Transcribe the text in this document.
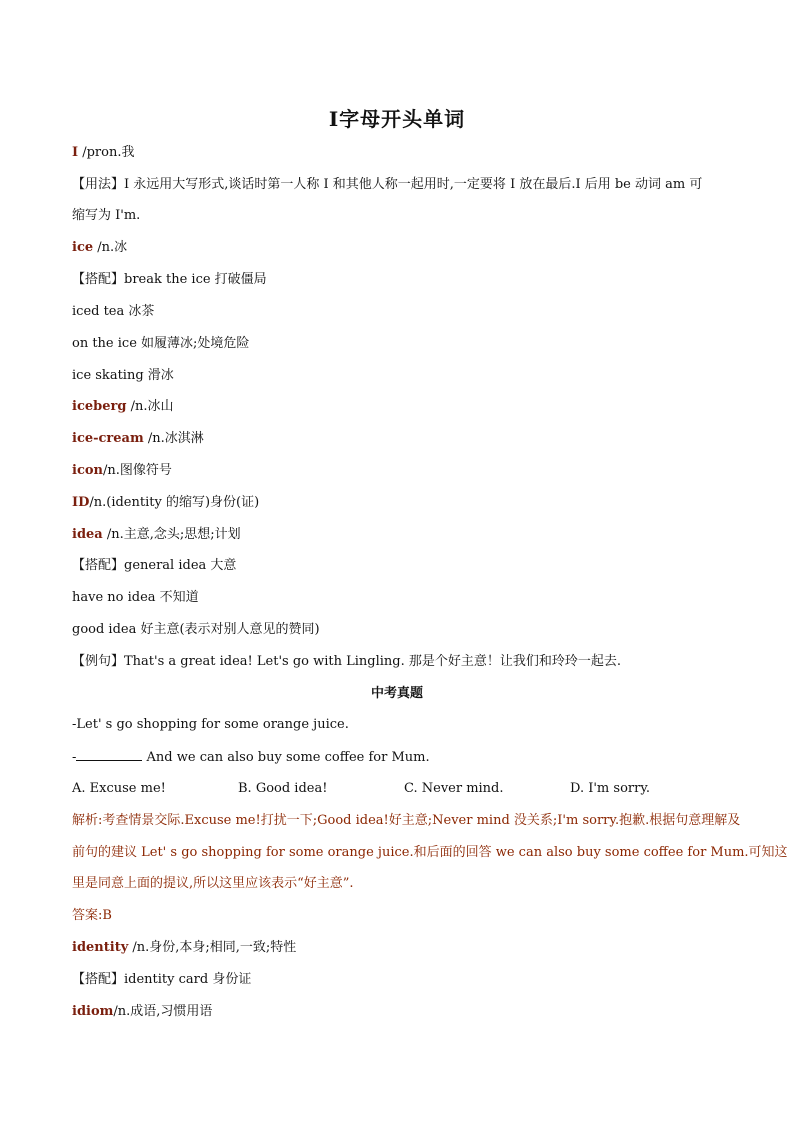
I字母开头单词
I /pron.我
【用法】I 永远用大写形式,谈话时第一人称 I 和其他人称一起用时,一定要将 I 放在最后.I 后用 be 动词 am 可
缩写为 I'm.
ice /n.冰
【搭配】break the ice 打破僵局
iced tea 冰茶
on the ice 如履薄冰;处境危险
ice skating 滑冰
iceberg /n.冰山
ice-cream /n.冰淇淋
icon/n.图像符号
ID/n.(identity 的缩写)身份(证)
idea /n.主意,念头;思想;计划
【搭配】general idea 大意
have no idea 不知道
good idea 好主意(表示对别人意见的赞同)
【例句】That's a great idea! Let's go with Lingling. 那是个好主意！让我们和玲玲一起去.
中考真题
-Let' s go shopping for some orange juice.
-	And we can also buy some coffee for Mum.
A. Excuse me!	B. Good idea!	C. Never mind.	D. I'm sorry.
解析:考查情景交际.Excuse me!打扰一下;Good idea!好主意;Never mind 没关系;I'm sorry.抱歉.根据句意理解及
前句的建议 Let' s go shopping for some orange juice.和后面的回答 we can also buy some coffee for Mum.可知这
里是同意上面的提议,所以这里应该表示“好主意”.
答案:B
identity /n.身份,本身;相同,一致;特性
【搭配】identity card 身份证
idiom/n.成语,习惯用语
